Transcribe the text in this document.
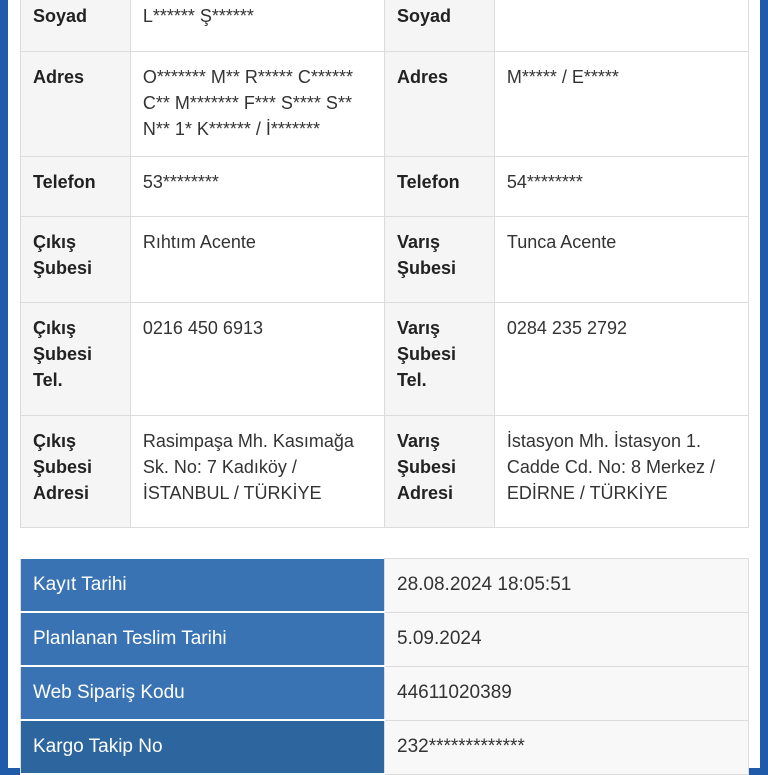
Soyad	L****** Ş******	Soyad	
Adres	O******* M** R***** C****** C** M******* F*** S**** S** N** 1* K****** / İ*******	Adres	M***** / E*****
Telefon	53********	Telefon	54********
Çıkış Şubesi	Rıhtım Acente	Varış Şubesi	Tunca Acente
Çıkış Şubesi Tel.	0216 450 6913	Varış Şubesi Tel.	0284 235 2792
Çıkış Şubesi Adresi	Rasimpaşa Mh. Kasımağa Sk. No: 7 Kadıköy / İSTANBUL / TÜRKİYE	Varış Şubesi Adresi	İstasyon Mh. İstasyon 1. Cadde Cd. No: 8 Merkez / EDİRNE / TÜRKİYE
Kayıt Tarihi	28.08.2024 18:05:51
Planlanan Teslim Tarihi	5.09.2024
Web Sipariş Kodu	44611020389
Kargo Takip No	232*************
